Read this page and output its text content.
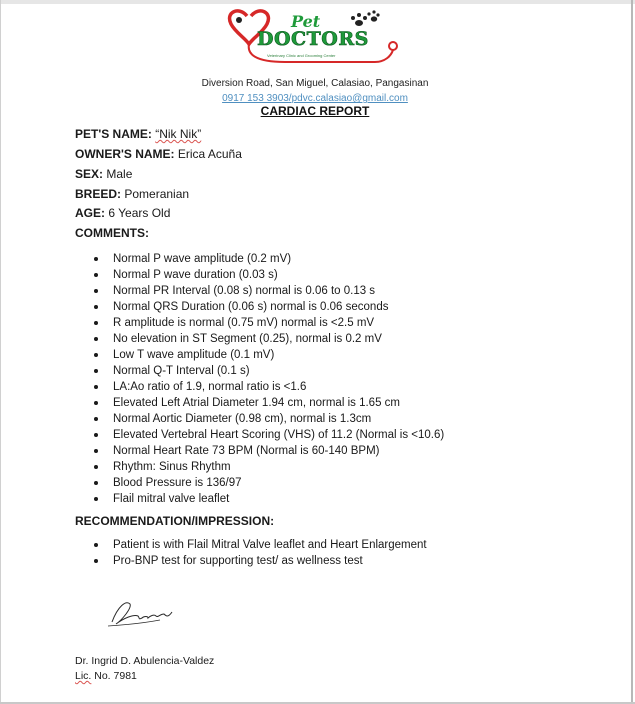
Pet
DOCTORS
Veterinary Clinic and Grooming Center
Diversion Road, San Miguel, Calasiao, Pangasinan
0917 153 3903/pdvc.calasiao@gmail.com
CARDIAC REPORT
PET'S NAME: “Nik Nik”
OWNER'S NAME: Erica Acuña
SEX: Male
BREED: Pomeranian
AGE: 6 Years Old
COMMENTS:
Normal P wave amplitude (0.2 mV)
Normal P wave duration (0.03 s)
Normal PR Interval (0.08 s) normal is 0.06 to 0.13 s
Normal QRS Duration (0.06 s) normal is 0.06 seconds
R amplitude is normal (0.75 mV) normal is <2.5 mV
No elevation in ST Segment (0.25), normal is 0.2 mV
Low T wave amplitude (0.1 mV)
Normal Q-T Interval (0.1 s)
LA:Ao ratio of 1.9, normal ratio is <1.6
Elevated Left Atrial Diameter 1.94 cm, normal is 1.65 cm
Normal Aortic Diameter (0.98 cm), normal is 1.3cm
Elevated Vertebral Heart Scoring (VHS) of 11.2 (Normal is <10.6)
Normal Heart Rate 73 BPM (Normal is 60-140 BPM)
Rhythm: Sinus Rhythm
Blood Pressure is 136/97
Flail mitral valve leaflet
RECOMMENDATION/IMPRESSION:
Patient is with Flail Mitral Valve leaflet and Heart Enlargement
Pro-BNP test for supporting test/ as wellness test
Dr. Ingrid D. Abulencia-Valdez
Lic. No. 7981
